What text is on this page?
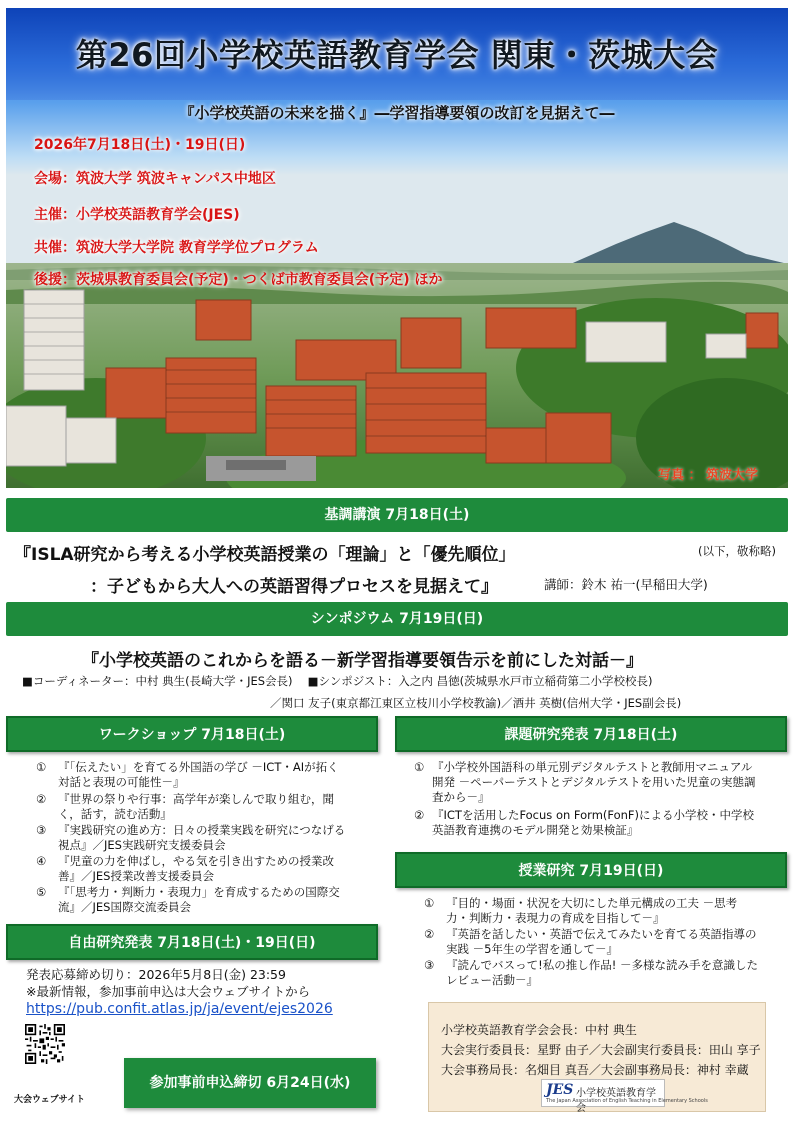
第26回小学校英語教育学会 関東・茨城大会
『小学校英語の未来を描く』―学習指導要領の改訂を見据えて―
2026年7月18日(土)・19日(日)
会場：筑波大学 筑波キャンパス中地区
主催：小学校英語教育学会(JES)
共催：筑波大学大学院 教育学学位プログラム
後援：茨城県教育委員会(予定)・つくば市教育委員会(予定) ほか
写真 ： 筑波大学
基調講演 7月18日(土)
『ISLA研究から考える小学校英語授業の「理論」と「優先順位」	(以下，敬称略)
：子どもから大人への英語習得プロセスを見据えて』	講師：鈴木 祐一(早稲田大学)
シンポジウム 7月19日(日)
『小学校英語のこれからを語る－新学習指導要領告示を前にした対話－』
■コーディネーター：中村 典生(長崎大学・JES会長)　 ■シンポジスト：入之内 昌徳(茨城県水戸市立稲荷第二小学校校長)
／関口 友子(東京都江東区立枝川小学校教諭)／酒井 英樹(信州大学・JES副会長)
ワークショップ 7月18日(土)
① 『「伝えたい」を育てる外国語の学び －ICT・AIが拓く対話と表現の可能性－』
② 『世界の祭りや行事：高学年が楽しんで取り組む，聞く，話す，読む活動』
③ 『実践研究の進め方：日々の授業実践を研究につなげる視点』／JES実践研究支援委員会
④ 『児童の力を伸ばし，やる気を引き出すための授業改善』／JES授業改善支援委員会
⑤ 『「思考力・判断力・表現力」を育成するための国際交流』／JES国際交流委員会
自由研究発表 7月18日(土)・19日(日)
発表応募締め切り：2026年5月8日(金) 23:59
※最新情報，参加事前申込は大会ウェブサイトから
https://pub.confit.atlas.jp/ja/event/ejes2026
大会ウェブサイト
参加事前申込締切 6月24日(水)
課題研究発表 7月18日(土)
① 『小学校外国語科の単元別デジタルテストと教師用マニュアル開発 －ペーパーテストとデジタルテストを用いた児童の実態調査から－』
② 『ICTを活用したFocus on Form(FonF)による小学校・中学校英語教育連携のモデル開発と効果検証』
授業研究 7月19日(日)
① 『目的・場面・状況を大切にした単元構成の工夫 －思考力・判断力・表現力の育成を目指して－』
② 『英語を話したい・英語で伝えてみたいを育てる英語指導の実践 －5年生の学習を通して－』
③ 『読んでバスって!私の推し作品! －多様な読み手を意識したレビュー活動－』
小学校英語教育学会会長：中村 典生
大会実行委員長：星野 由子／大会副実行委員長：田山 享子
大会事務局長：名畑目 真吾／大会副事務局長：神村 幸蔵
JES 小学校英語教育学会
The Japan Association of English Teaching in Elementary Schools
